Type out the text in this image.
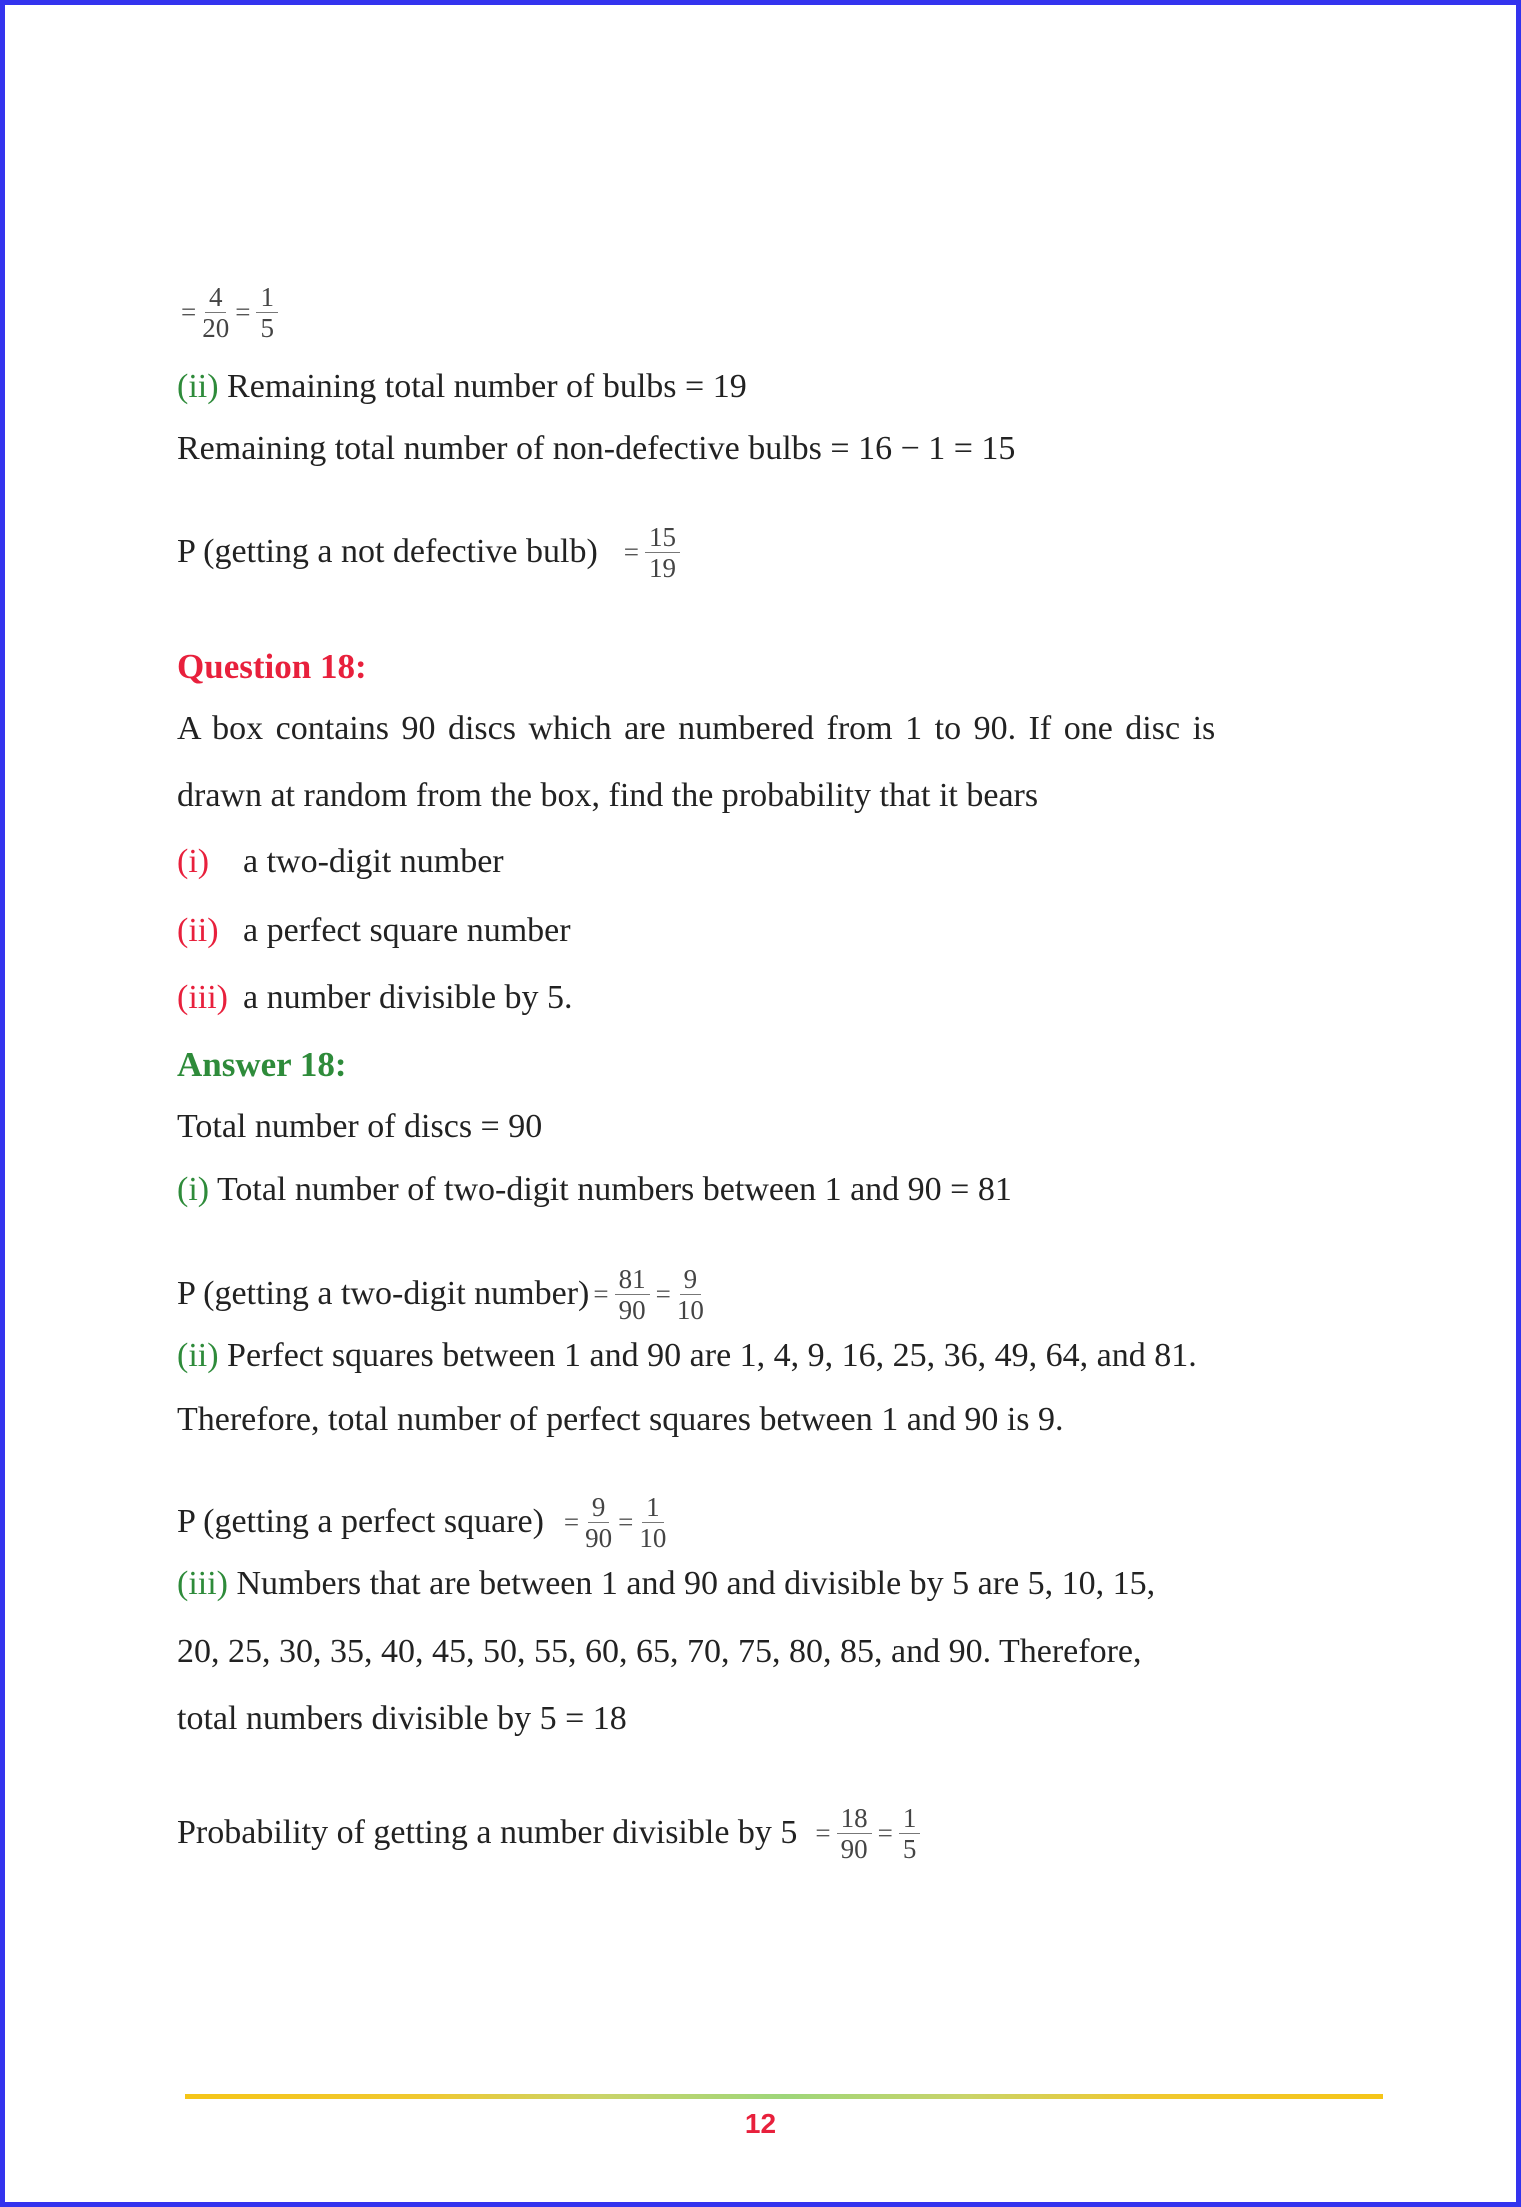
= $\frac{4}{20} = \frac{1}{5}$
(ii) Remaining total number of bulbs = 19
Remaining total number of non-defective bulbs = 16 − 1 = 15
P (getting a not defective bulb) = $\frac{15}{19}$
Question 18:
A box contains 90 discs which are numbered from 1 to 90. If one disc is
drawn at random from the box, find the probability that it bears
(i) a two-digit number
(ii) a perfect square number
(iii) a number divisible by 5.
Answer 18:
Total number of discs = 90
(i) Total number of two-digit numbers between 1 and 90 = 81
P (getting a two-digit number) = $\frac{81}{90} = \frac{9}{10}$
(ii) Perfect squares between 1 and 90 are 1, 4, 9, 16, 25, 36, 49, 64, and 81.
Therefore, total number of perfect squares between 1 and 90 is 9.
P (getting a perfect square) = $\frac{9}{90} = \frac{1}{10}$
(iii) Numbers that are between 1 and 90 and divisible by 5 are 5, 10, 15,
20, 25, 30, 35, 40, 45, 50, 55, 60, 65, 70, 75, 80, 85, and 90. Therefore,
total numbers divisible by 5 = 18
Probability of getting a number divisible by $5 = \frac{18}{90} = \frac{1}{5}$
12
